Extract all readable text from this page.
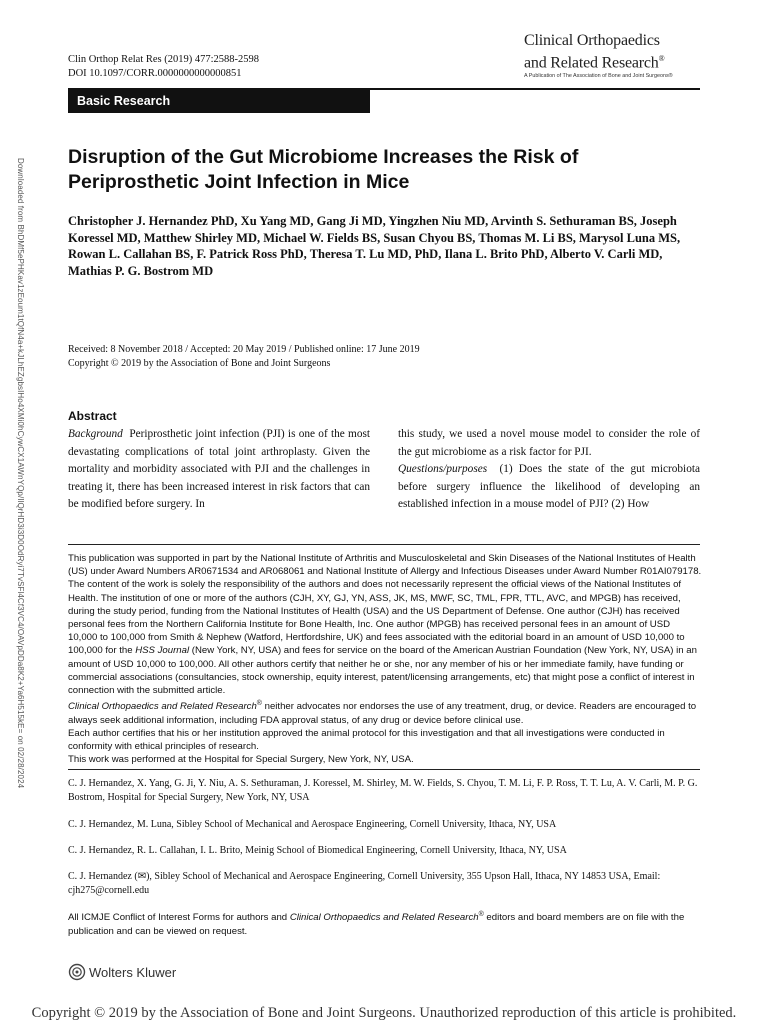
Clin Orthop Relat Res (2019) 477:2588-2598
DOI 10.1097/CORR.0000000000000851
Clinical Orthopaedics
and Related Research®
A Publication of The Association of Bone and Joint Surgeons®
Basic Research
Disruption of the Gut Microbiome Increases the Risk of Periprosthetic Joint Infection in Mice
Christopher J. Hernandez PhD, Xu Yang MD, Gang Ji MD, Yingzhen Niu MD, Arvinth S. Sethuraman BS, Joseph Koressel MD, Matthew Shirley MD, Michael W. Fields BS, Susan Chyou BS, Thomas M. Li BS, Marysol Luna MS, Rowan L. Callahan BS, F. Patrick Ross PhD, Theresa T. Lu MD, PhD, Ilana L. Brito PhD, Alberto V. Carli MD, Mathias P. G. Bostrom MD
Received: 8 November 2018 / Accepted: 20 May 2019 / Published online: 17 June 2019
Copyright © 2019 by the Association of Bone and Joint Surgeons
Abstract

Background Periprosthetic joint infection (PJI) is one of the most devastating complications of total joint arthroplasty. Given the mortality and morbidity associated with PJI and the challenges in treating it, there has been increased interest in risk factors that can be modified before surgery. In

this study, we used a novel mouse model to consider the role of the gut microbiome as a risk factor for PJI.

Questions/purposes (1) Does the state of the gut microbiota before surgery influence the likelihood of developing an established infection in a mouse model of PJI? (2) How

This publication was supported in part by the National Institute of Arthritis and Musculoskeletal and Skin Diseases of the National Institutes of Health (US) under Award Numbers AR0671534 and AR068061 and National Institute of Allergy and Infectious Diseases under Award Number R01AI079178. The content of the work is solely the responsibility of the authors and does not necessarily represent the official views of the National Institutes of Health. The institution of one or more of the authors (CJH, XY, GJ, YN, ASS, JK, MS, MWF, SC, TML, FPR, TTL, AVC, and MPGB) has received, during the study period, funding from the National Institutes of Health (USA) and the US Department of Defense. One author (CJH) has received personal fees from the Northern California Institute for Bone Health, Inc. One author (MPGB) has received personal fees in an amount of USD 10,000 to 100,000 from Smith & Nephew (Watford, Hertfordshire, UK) and fees associated with the editorial board in an amount of USD 10,000 to 100,000 for the HSS Journal (New York, NY, USA) and fees for service on the board of the American Austrian Foundation (New York, NY, USA) in an amount of USD 10,000 to 100,000. All other authors certify that neither he or she, nor any member of his or her immediate family, have funding or commercial associations (consultancies, stock ownership, equity interest, patent/licensing arrangements, etc) that might pose a conflict of interest in connection with the submitted article.

Clinical Orthopaedics and Related Research® neither advocates nor endorses the use of any treatment, drug, or device. Readers are encouraged to always seek additional information, including FDA approval status, of any drug or device before clinical use.

Each author certifies that his or her institution approved the animal protocol for this investigation and that all investigations were conducted in conformity with ethical principles of research.

This work was performed at the Hospital for Special Surgery, New York, NY, USA.

C. J. Hernandez, X. Yang, G. Ji, Y. Niu, A. S. Sethuraman, J. Koressel, M. Shirley, M. W. Fields, S. Chyou, T. M. Li, F. P. Ross, T. T. Lu, A. V. Carli, M. P. G. Bostrom, Hospital for Special Surgery, New York, NY, USA
C. J. Hernandez, M. Luna, Sibley School of Mechanical and Aerospace Engineering, Cornell University, Ithaca, NY, USA
C. J. Hernandez, R. L. Callahan, I. L. Brito, Meinig School of Biomedical Engineering, Cornell University, Ithaca, NY, USA
C. J. Hernandez (✉), Sibley School of Mechanical and Aerospace Engineering, Cornell University, 355 Upson Hall, Ithaca, NY 14853 USA, Email: cjh275@cornell.edu
All ICMJE Conflict of Interest Forms for authors and Clinical Orthopaedics and Related Research® editors and board members are on file with the publication and can be viewed on request.
Wolters Kluwer
Downloaded from BhDMf5ePHKav1zEoum1tQfN4a+kJLhEZgbsIHo4XMi0hCywCX1AWnYQp/IlQrHD3i3D0OdRyi7TvSFl4Cf3VC4/OAVpDDa8K2+Ya6H515kE= on 02/28/2024
Copyright © 2019 by the Association of Bone and Joint Surgeons. Unauthorized reproduction of this article is prohibited.
